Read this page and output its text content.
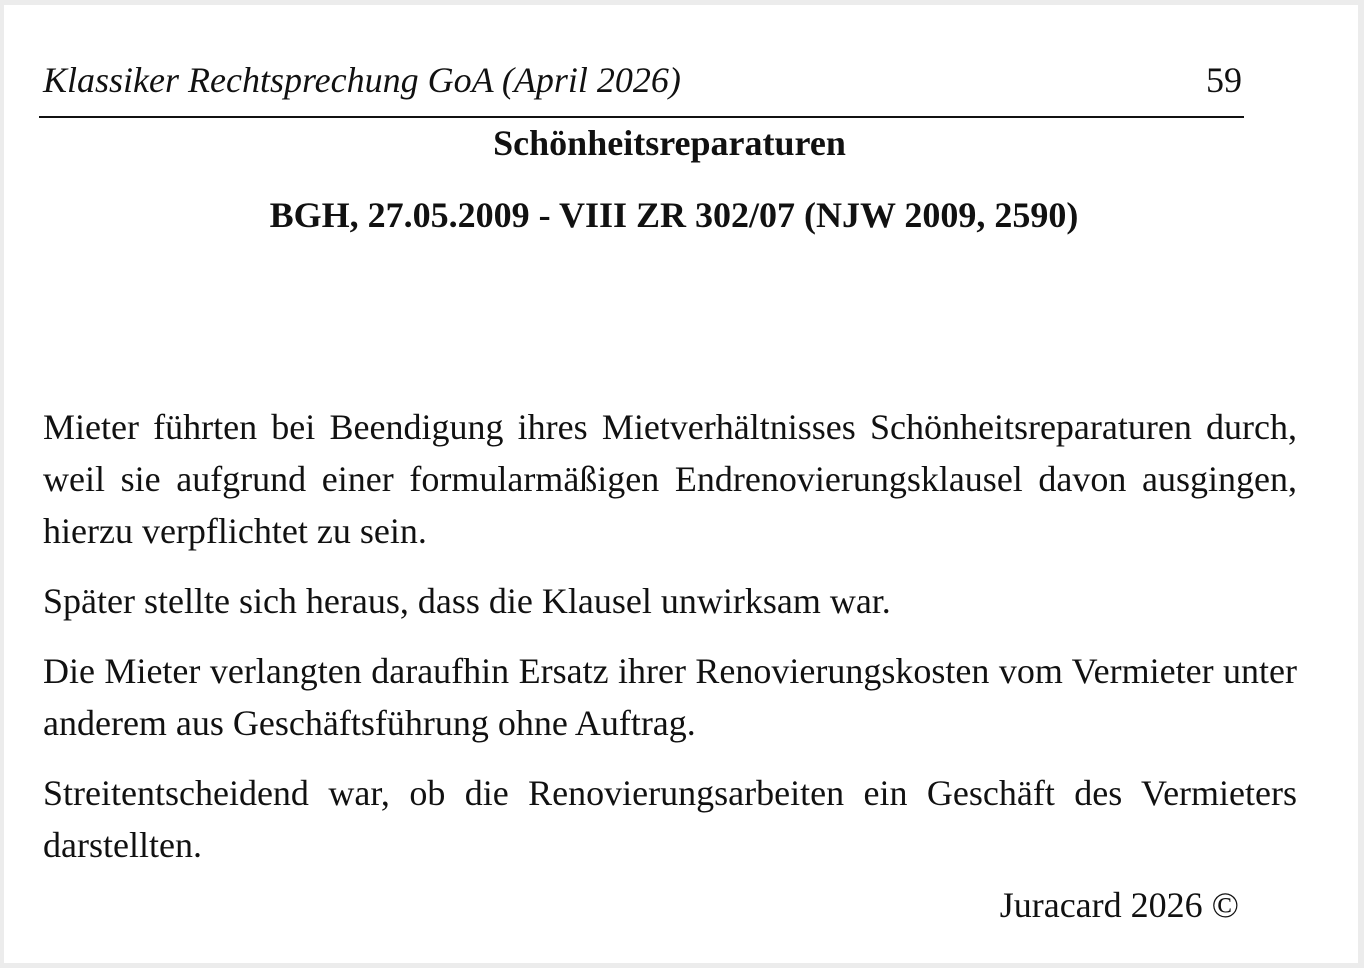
Klassiker Rechtsprechung GoA (April 2026)	59
Schönheitsreparaturen
BGH, 27.05.2009 - VIII ZR 302/07 (NJW 2009, 2590)

Mieter führten bei Beendigung ihres Mietverhältnisses Schönheitsreparaturen durch, weil sie aufgrund einer formularmäßigen Endrenovierungsklausel davon ausgingen, hierzu verpflichtet zu sein.

Später stellte sich heraus, dass die Klausel unwirksam war.

Die Mieter verlangten daraufhin Ersatz ihrer Renovierungskosten vom Vermieter unter anderem aus Geschäftsführung ohne Auftrag.

Streitentscheidend war, ob die Renovierungsarbeiten ein Geschäft des Vermieters darstellten.

Juracard 2026 ©
